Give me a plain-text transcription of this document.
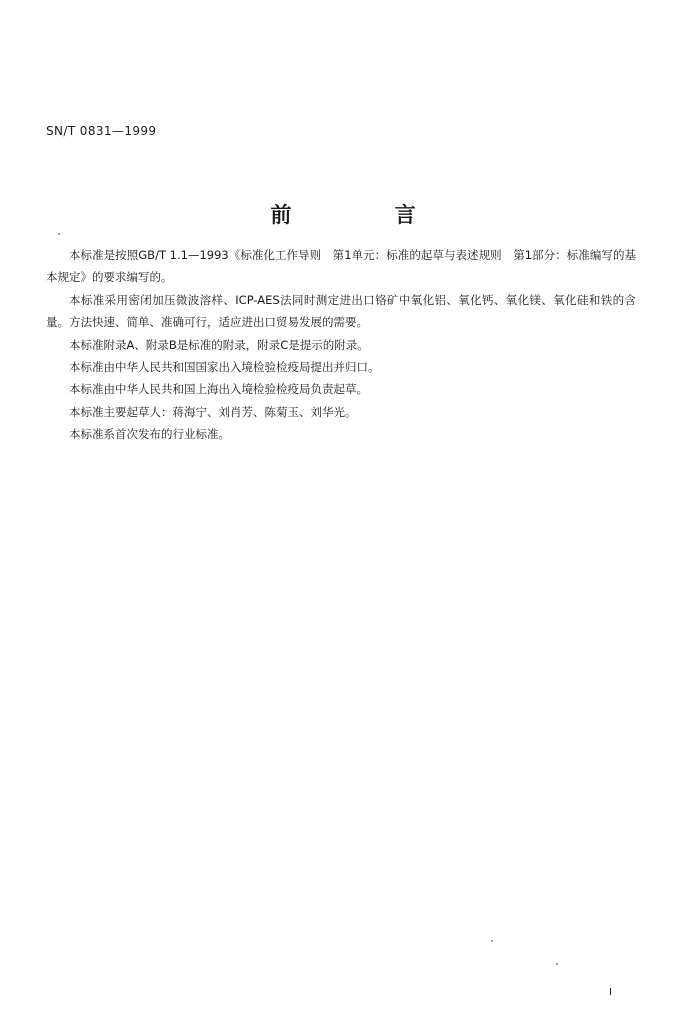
SN/T 0831—1999
前 言

本标准是按照GB/T 1.1—1993《标准化工作导则　第1单元：标准的起草与表述规则　第1部分：标准编写的基本规定》的要求编写的。

本标准采用密闭加压微波溶样、ICP-AES法同时测定进出口铬矿中氧化铝、氧化钙、氧化镁、氧化硅和铁的含量。方法快速、简单、准确可行，适应进出口贸易发展的需要。

本标准附录A、附录B是标准的附录，附录C是提示的附录。

本标准由中华人民共和国国家出入境检验检疫局提出并归口。

本标准由中华人民共和国上海出入境检验检疫局负责起草。

本标准主要起草人：蒋海宁、刘肖芳、陈菊玉、刘华光。

本标准系首次发布的行业标准。

I
